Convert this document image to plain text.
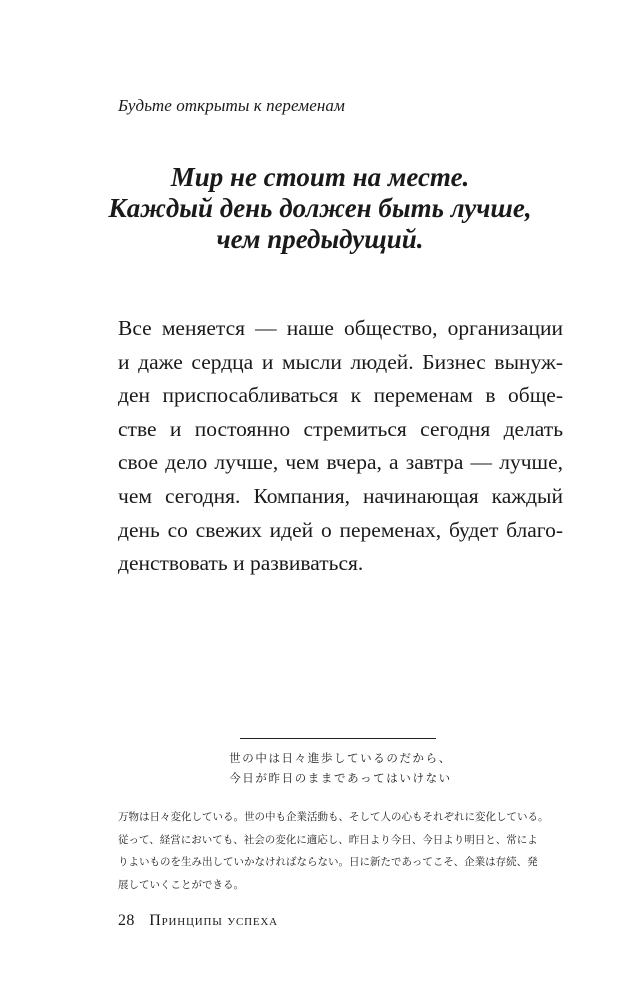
Будьте открыты к переменам
Мир не стоит на месте.
Каждый день должен быть лучше,
чем предыдущий.
Все меняется — наше общество, организации
и даже сердца и мысли людей. Бизнес вынуж-
ден приспосабливаться к переменам в обще-
стве и постоянно стремиться сегодня делать
свое дело лучше, чем вчера, а завтра — лучше,
чем сегодня. Компания, начинающая каждый
день со свежих идей о переменах, будет благо-
денствовать и развиваться.
世の中は日々進歩しているのだから、
今日が昨日のままであってはいけない
万物は日々変化している。世の中も企業活動も、そして人の心もそれぞれに変化している。
従って、経営においても、社会の変化に適応し、昨日より今日、今日より明日と、常によ
りよいものを生み出していかなければならない。日に新たであってこそ、企業は存続、発
展していくことができる。
28 Принципы успеха
